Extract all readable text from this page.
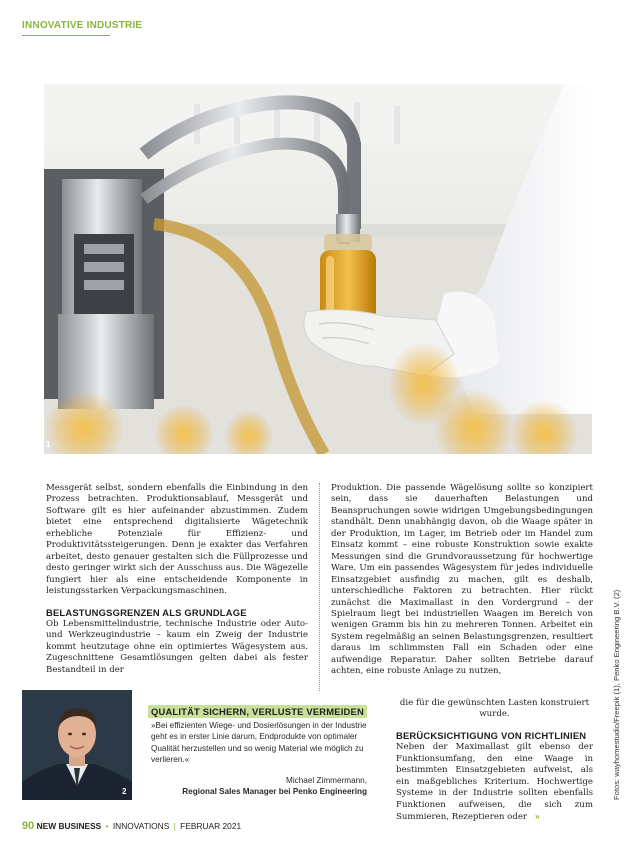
INNOVATIVE INDUSTRIE
1

Messgerät selbst, sondern ebenfalls die Einbindung in den Prozess betrachten. Produktionsablauf, Messgerät und Software gilt es hier aufeinander abzustimmen. Zudem bietet eine entsprechend digitalisierte Wägetechnik erhebliche Potenziale für Effizienz- und Produktivitätssteigerungen. Denn je exakter das Verfahren arbeitet, desto genauer gestalten sich die Füllprozesse und desto geringer wirkt sich der Ausschuss aus. Die Wägezelle fungiert hier als eine entscheidende Komponente in leistungsstarken Verpackungsmaschinen.

BELASTUNGSGRENZEN ALS GRUNDLAGE

Ob Lebensmittelindustrie, technische Industrie oder Auto- und Werkzeugindustrie – kaum ein Zweig der Industrie kommt heutzutage ohne ein optimiertes Wägesystem aus. Zugeschnittene Gesamtlösungen gelten dabei als fester Bestandteil in der

Produktion. Die passende Wägelösung sollte so konzipiert sein, dass sie dauerhaften Belastungen und Beanspruchungen sowie widrigen Umgebungsbedingungen standhält. Denn unabhängig davon, ob die Waage später in der Produktion, im Lager, im Betrieb oder im Handel zum Einsatz kommt – eine robuste Konstruktion sowie exakte Messungen sind die Grundvoraussetzung für hochwertige Ware. Um ein passendes Wägesystem für jedes individuelle Einsatzgebiet ausfindig zu machen, gilt es deshalb, unterschiedliche Faktoren zu betrachten. Hier rückt zunächst die Maximallast in den Vordergrund – der Spielraum liegt bei industriellen Waagen im Bereich von wenigen Gramm bis hin zu mehreren Tonnen. Arbeitet ein System regelmäßig an seinen Belastungsgrenzen, resultiert daraus im schlimmsten Fall ein Schaden oder eine aufwendige Reparatur. Daher sollten Betriebe darauf achten, eine robuste Anlage zu nutzen,

die für die gewünschten Lasten konstruiert wurde.

BERÜCKSICHTIGUNG VON RICHTLINIEN

Neben der Maximallast gilt ebenso der Funktionsumfang, den eine Waage in bestimmten Einsatzgebieten aufweist, als ein maßgebliches Kriterium. Hochwertige Systeme in der Industrie sollten ebenfalls Funktionen aufweisen, die sich zum Summieren, Rezeptieren oder »

2
QUALITÄT SICHERN, VERLUSTE VERMEIDEN
»Bei effizienten Wiege- und Dosierlösungen in der Industrie geht es in erster Linie darum, Endprodukte von optimaler Qualität herzustellen und so wenig Material wie möglich zu verlieren.«
Michael Zimmermann,
Regional Sales Manager bei Penko Engineering	Fotos: wayhomestudio/Freepik (1), Penko Engineering B.V. (2)
90 NEW BUSINESS • INNOVATIONS | FEBRUAR 2021
